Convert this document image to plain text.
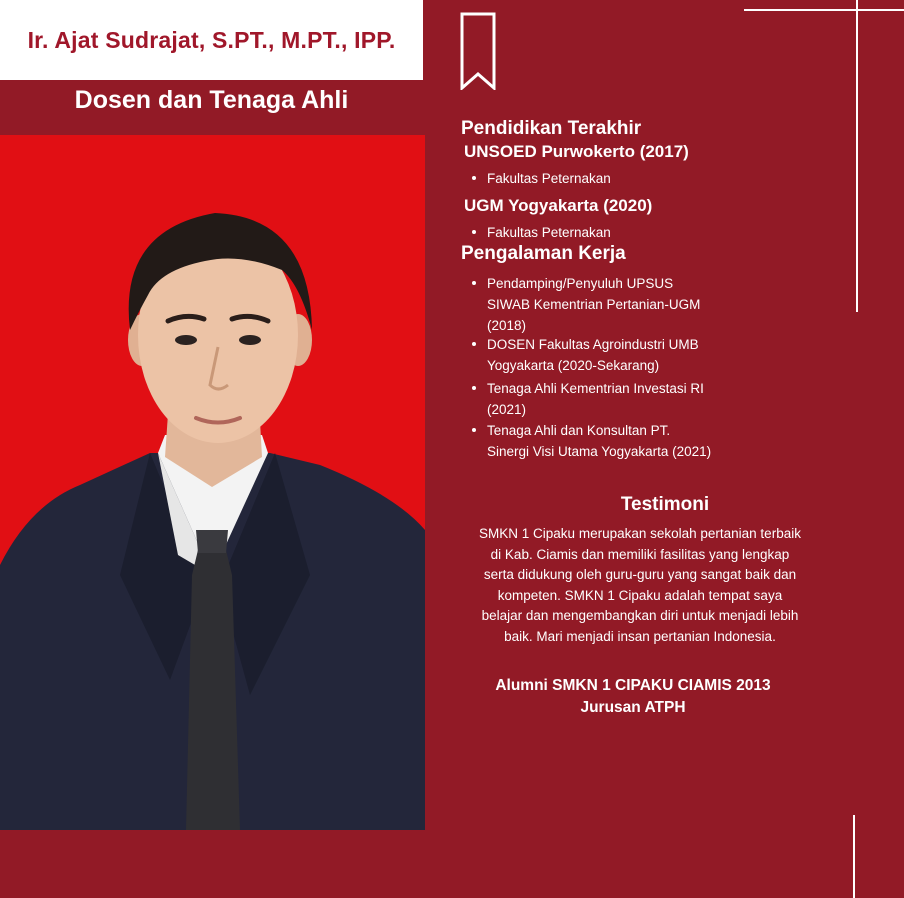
Ir. Ajat Sudrajat, S.PT., M.PT., IPP.
Dosen dan Tenaga Ahli
Pendidikan Terakhir
UNSOED Purwokerto (2017)
Fakultas Peternakan
UGM Yogyakarta (2020)
Fakultas Peternakan
Pengalaman Kerja
Pendamping/Penyuluh UPSUS
SIWAB Kementrian Pertanian-UGM
(2018)
DOSEN Fakultas Agroindustri UMB
Yogyakarta (2020-Sekarang)
Tenaga Ahli Kementrian Investasi RI
(2021)
Tenaga Ahli dan Konsultan PT.
Sinergi Visi Utama Yogyakarta (2021)
Testimoni
SMKN 1 Cipaku merupakan sekolah pertanian terbaik
di Kab. Ciamis dan memiliki fasilitas yang lengkap
serta didukung oleh guru-guru yang sangat baik dan
kompeten. SMKN 1 Cipaku adalah tempat saya
belajar dan mengembangkan diri untuk menjadi lebih
baik. Mari menjadi insan pertanian Indonesia.
Alumni SMKN 1 CIPAKU CIAMIS 2013
Jurusan ATPH
